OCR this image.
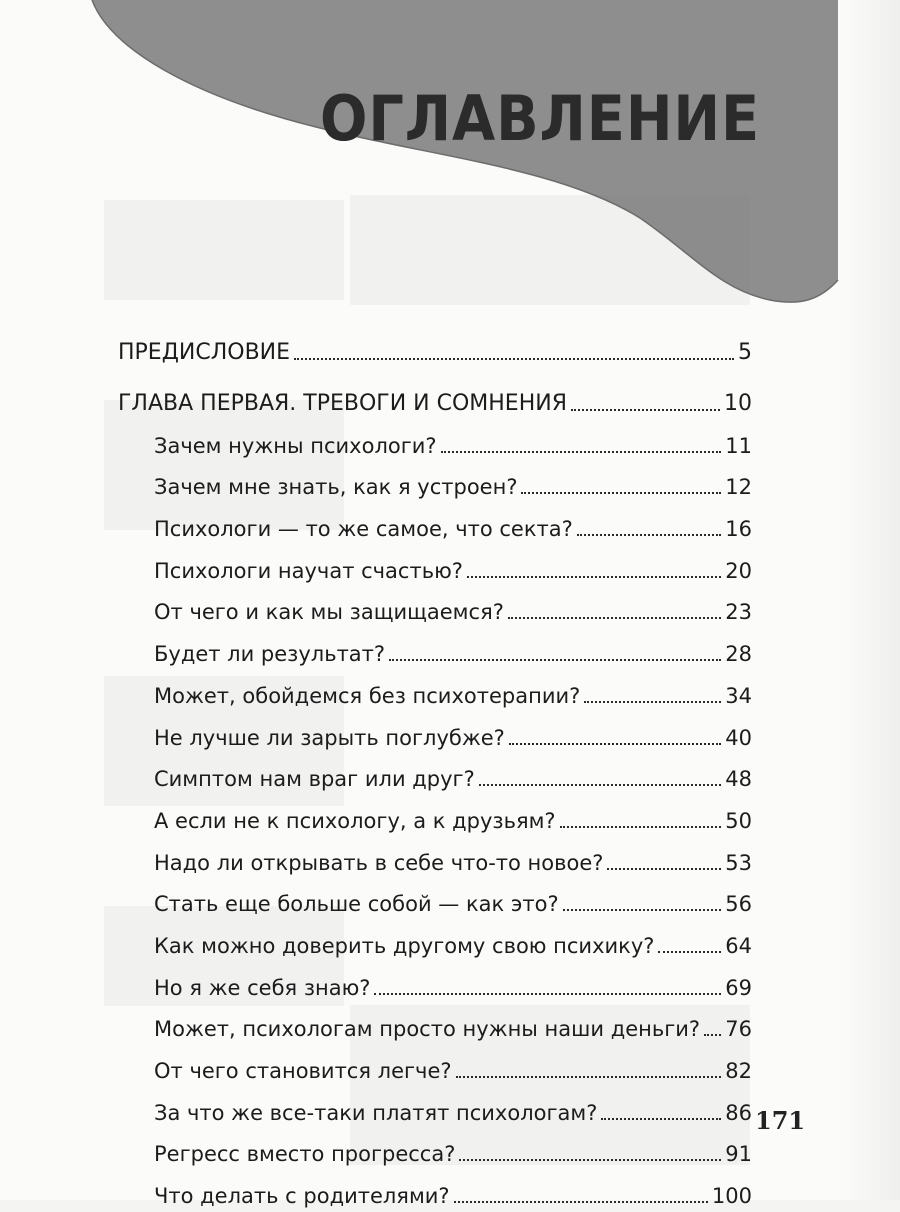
ОГЛАВЛЕНИЕ
ПРЕДИСЛОВИЕ	5
ГЛАВА ПЕРВАЯ. ТРЕВОГИ И СОМНЕНИЯ	10
Зачем нужны психологи?	11
Зачем мне знать, как я устроен?	12
Психологи — то же самое, что секта?	16
Психологи научат счастью?	20
От чего и как мы защищаемся?	23
Будет ли результат?	28
Может, обойдемся без психотерапии?	34
Не лучше ли зарыть поглубже?	40
Симптом нам враг или друг?	48
А если не к психологу, а к друзьям?	50
Надо ли открывать в себе что-то новое?	53
Стать еще больше собой — как это?	56
Как можно доверить другому свою психику?	64
Но я же себя знаю?	69
Может, психологам просто нужны наши деньги? 76
От чего становится легче?	82
За что же все-таки платят психологам?	86
Регресс вместо прогресса?	91
Что делать с родителями?	100
171
